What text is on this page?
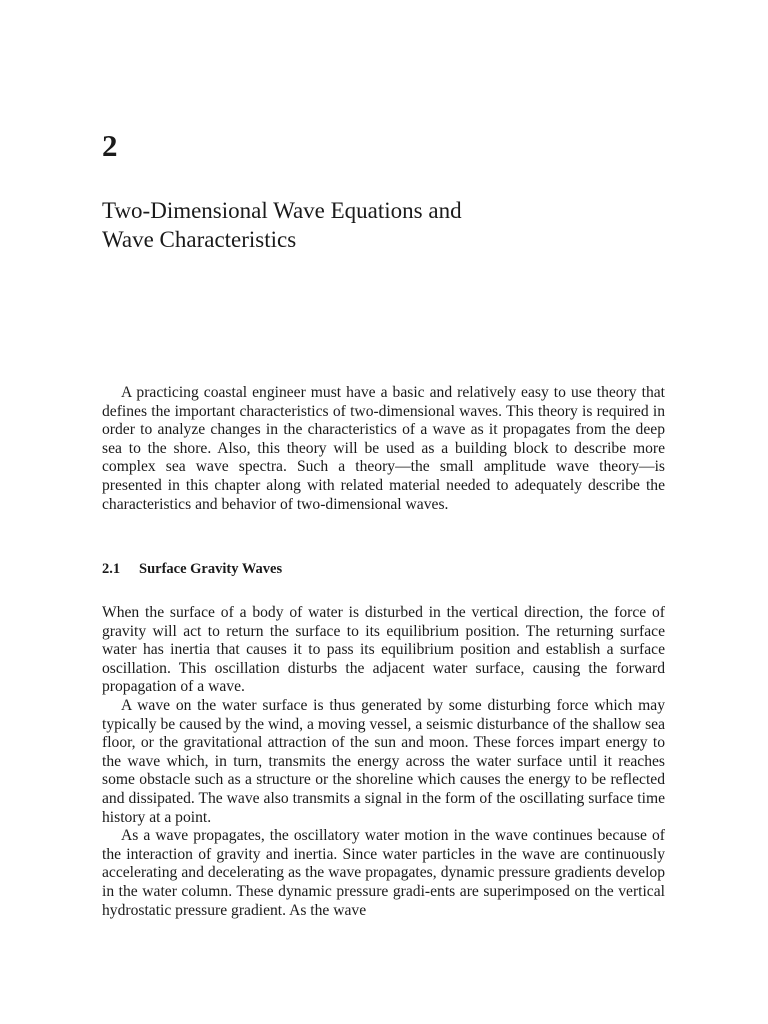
2
Two-Dimensional Wave Equations and
Wave Characteristics

A practicing coastal engineer must have a basic and relatively easy to use theory that defines the important characteristics of two-dimensional waves. This theory is required in order to analyze changes in the characteristics of a wave as it propagates from the deep sea to the shore. Also, this theory will be used as a building block to describe more complex sea wave spectra. Such a theory—the small amplitude wave theory—is presented in this chapter along with related material needed to adequately describe the characteristics and behavior of two-dimensional waves.

2.1 Surface Gravity Waves

When the surface of a body of water is disturbed in the vertical direction, the force of gravity will act to return the surface to its equilibrium position. The returning surface water has inertia that causes it to pass its equilibrium position and establish a surface oscillation. This oscillation disturbs the adjacent water surface, causing the forward propagation of a wave.

A wave on the water surface is thus generated by some disturbing force which may typically be caused by the wind, a moving vessel, a seismic disturbance of the shallow sea floor, or the gravitational attraction of the sun and moon. These forces impart energy to the wave which, in turn, transmits the energy across the water surface until it reaches some obstacle such as a structure or the shoreline which causes the energy to be reflected and dissipated. The wave also transmits a signal in the form of the oscillating surface time history at a point.

As a wave propagates, the oscillatory water motion in the wave continues because of the interaction of gravity and inertia. Since water particles in the wave are continuously accelerating and decelerating as the wave propagates, dynamic pressure gradients develop in the water column. These dynamic pressure gradi-ents are superimposed on the vertical hydrostatic pressure gradient. As the wave
